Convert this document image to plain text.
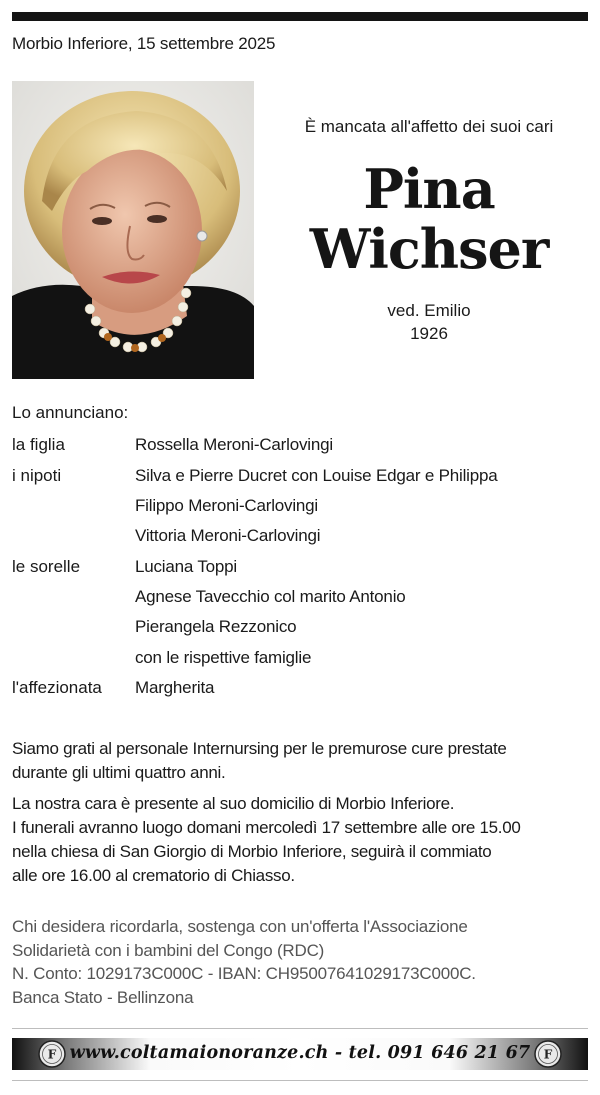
Morbio Inferiore, 15 settembre 2025
È mancata all'affetto dei suoi cari
Pina
Wichser
ved. Emilio
1926
Lo annunciano:
la figlia	Rossella Meroni-Carlovingi
i nipoti	Silva e Pierre Ducret con Louise Edgar e Philippa
Filippo Meroni-Carlovingi
Vittoria Meroni-Carlovingi
le sorelle	Luciana Toppi
Agnese Tavecchio col marito Antonio
Pierangela Rezzonico
con le rispettive famiglie
l'affezionata Margherita
Siamo grati al personale Internursing per le premurose cure prestate
durante gli ultimi quattro anni.
La nostra cara è presente al suo domicilio di Morbio Inferiore.
I funerali avranno luogo domani mercoledì 17 settembre alle ore 15.00
nella chiesa di San Giorgio di Morbio Inferiore, seguirà il commiato
alle ore 16.00 al crematorio di Chiasso.
Chi desidera ricordarla, sostenga con un'offerta l'Associazione
Solidarietà con i bambini del Congo (RDC)
N. Conto: 1029173C000C - IBAN: CH95007641029173C000C.
Banca Stato - Bellinzona
F www.coltamaionoranze.ch - tel. 091 646 21 67	F
